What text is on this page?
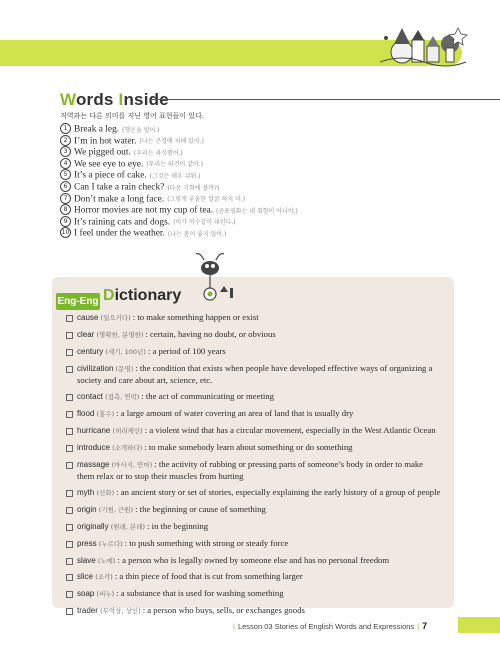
Words Inside
직역과는 다른 의미를 지닌 영어 표현들이 있다.
1 Break a leg. (행운을 빌어.)
2 I’m in hot water. (나는 곤경에 처해 있어.)
3 We pigged out. (우리는 과식했어.)
4 We see eye to eye. (우리는 의견이 같아.)
5 It’s a piece of cake. (그것은 매우 쉬워.)
6 Can I take a rain check? (다음 기회에 볼까?)
7 Don’t make a long face. (그렇게 우울한 얼굴 하지 마.)
8 Horror movies are not my cup of tea. (공포영화는 내 취향이 아니야.)
9 It’s raining cats and dogs. (비가 억수같이 내린다.)
10 I feel under the weather. (나는 몸이 좋지 않아.)
Eng-Eng Dictionary
cause (일으키다) : to make something happen or exist
clear (명확한, 분명한) : certain, having no doubt, or obvious
century (세기, 100년) : a period of 100 years
civilization (문명) : the condition that exists when people have developed effective ways of organizing a society and care about art, science, etc.
contact (접촉, 연락) : the act of communicating or meeting
flood (홍수) : a large amount of water covering an area of land that is usually dry
hurricane (허리케인) : a violent wind that has a circular movement, especially in the West Atlantic Ocean
introduce (소개하다) : to make somebody learn about something or do something
massage (마사지, 안마) : the activity of rubbing or pressing parts of someone’s body in order to make them relax or to stop their muscles from hurting
myth (신화) : an ancient story or set of stories, especially explaining the early history of a group of people
origin (기원, 근원) : the beginning or cause of something
originally (원래, 본래) : in the beginning
press (누르다) : to push something with strong or steady force
slave (노예) : a person who is legally owned by someone else and has no personal freedom
slice (조각) : a thin piece of food that is cut from something larger
soap (비누) : a substance that is used for washing something
trader (무역상, 상인) : a person who buys, sells, or exchanges goods
| Lesson 03 Stories of English Words and Expressions | 7
